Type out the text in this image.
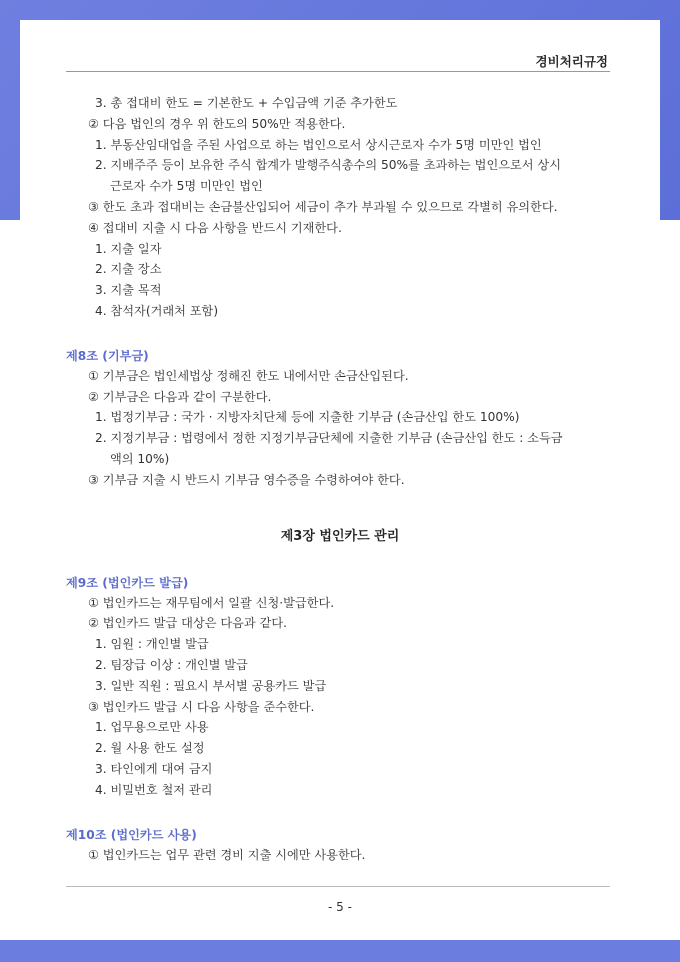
경비처리규정
3. 총 접대비 한도 = 기본한도 + 수입금액 기준 추가한도
② 다음 법인의 경우 위 한도의 50%만 적용한다.
1. 부동산임대업을 주된 사업으로 하는 법인으로서 상시근로자 수가 5명 미만인 법인
2. 지배주주 등이 보유한 주식 합계가 발행주식총수의 50%를 초과하는 법인으로서 상시
근로자 수가 5명 미만인 법인
③ 한도 초과 접대비는 손금불산입되어 세금이 추가 부과될 수 있으므로 각별히 유의한다.
④ 접대비 지출 시 다음 사항을 반드시 기재한다.
1. 지출 일자
2. 지출 장소
3. 지출 목적
4. 참석자(거래처 포함)
제8조 (기부금)
① 기부금은 법인세법상 정해진 한도 내에서만 손금산입된다.
② 기부금은 다음과 같이 구분한다.
1. 법정기부금 : 국가 · 지방자치단체 등에 지출한 기부금 (손금산입 한도 100%)
2. 지정기부금 : 법령에서 정한 지정기부금단체에 지출한 기부금 (손금산입 한도 : 소득금
액의 10%)
③ 기부금 지출 시 반드시 기부금 영수증을 수령하여야 한다.
제3장 법인카드 관리
제9조 (법인카드 발급)
① 법인카드는 재무팀에서 일괄 신청·발급한다.
② 법인카드 발급 대상은 다음과 같다.
1. 임원 : 개인별 발급
2. 팀장급 이상 : 개인별 발급
3. 일반 직원 : 필요시 부서별 공용카드 발급
③ 법인카드 발급 시 다음 사항을 준수한다.
1. 업무용으로만 사용
2. 월 사용 한도 설정
3. 타인에게 대여 금지
4. 비밀번호 철저 관리
제10조 (법인카드 사용)
① 법인카드는 업무 관련 경비 지출 시에만 사용한다.
- 5 -
